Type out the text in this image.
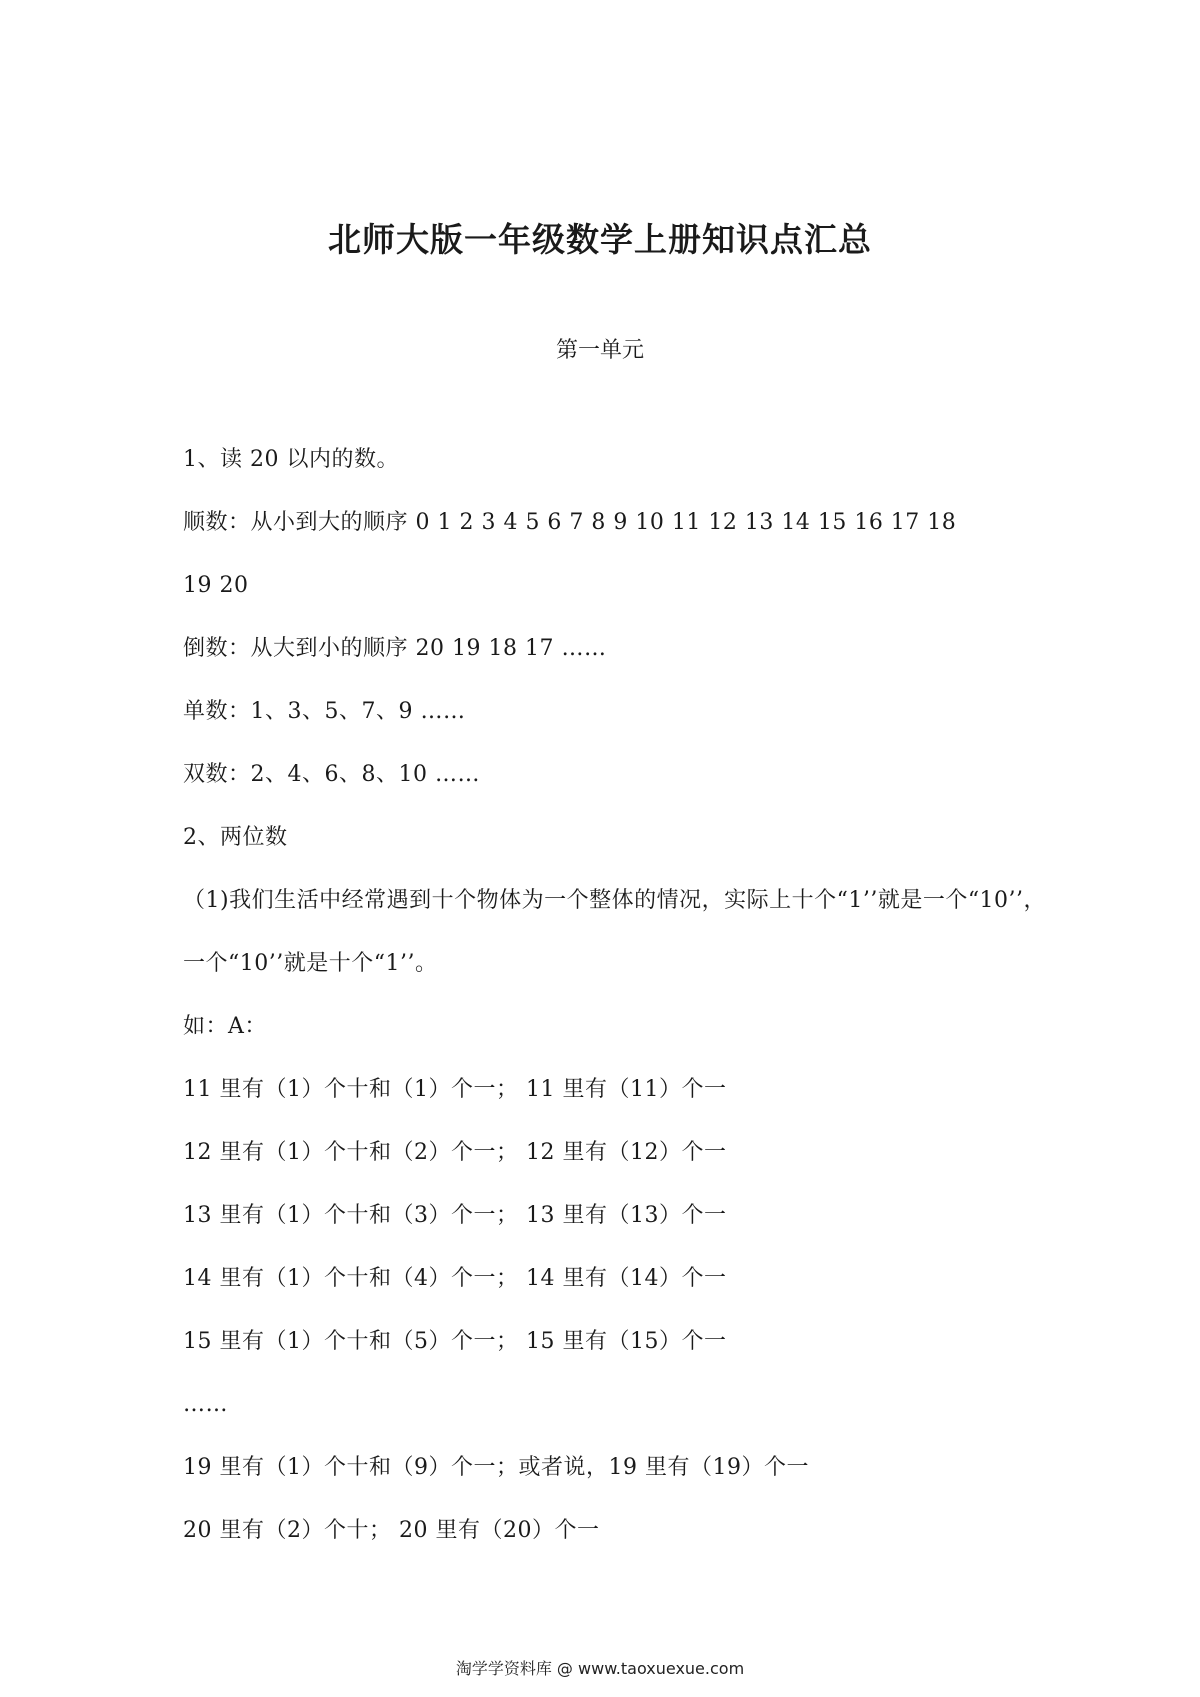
北师大版一年级数学上册知识点汇总
第一单元
1、读 20 以内的数。
顺数：从小到大的顺序 0 1 2 3 4 5 6 7 8 9 10 11 12 13 14 15 16 17 18
19 20
倒数：从大到小的顺序 20 19 18 17 ……
单数：1、3、5、7、9 ……
双数：2、4、6、8、10 ……
2、两位数
（1)我们生活中经常遇到十个物体为一个整体的情况，实际上十个“1’’就是一个“10’’，
一个“10’’就是十个“1’’。
如：A：
11 里有（1）个十和（1）个一； 11 里有（11）个一
12 里有（1）个十和（2）个一； 12 里有（12）个一
13 里有（1）个十和（3）个一； 13 里有（13）个一
14 里有（1）个十和（4）个一； 14 里有（14）个一
15 里有（1）个十和（5）个一； 15 里有（15）个一
……
19 里有（1）个十和（9）个一；或者说，19 里有（19）个一
20 里有（2）个十； 20 里有（20）个一
淘学学资料库 @ www.taoxuexue.com
